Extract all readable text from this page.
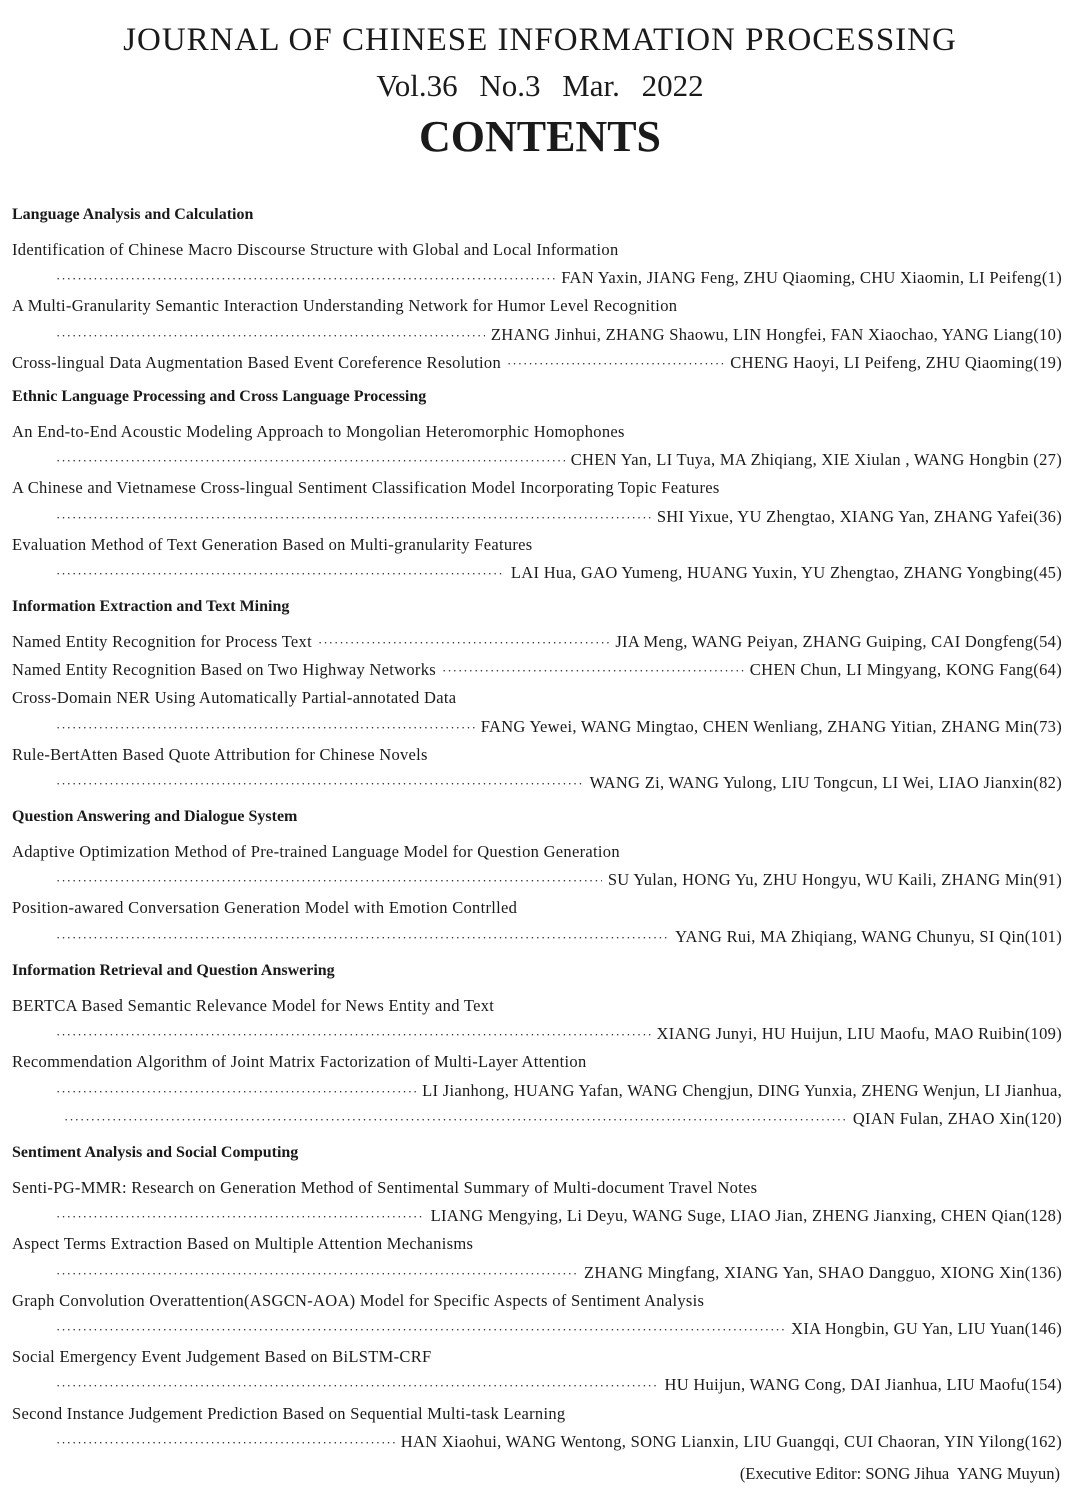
JOURNAL OF CHINESE INFORMATION PROCESSING
Vol.36 No.3 Mar. 2022
CONTENTS
Language Analysis and Calculation
Identification of Chinese Macro Discourse Structure with Global and Local Information
·····
FAN Yaxin, JIANG Feng, ZHU Qiaoming, CHU Xiaomin, LI Peifeng(1)
A Multi-Granularity Semantic Interaction Understanding Network for Humor Level Recognition
·····
ZHANG Jinhui, ZHANG Shaowu, LIN Hongfei, FAN Xiaochao, YANG Liang(10)
Cross-lingual Data Augmentation Based Event Coreference Resolution ·····	CHENG Haoyi, LI Peifeng, ZHU Qiaoming(19)
Ethnic Language Processing and Cross Language Processing
An End-to-End Acoustic Modeling Approach to Mongolian Heteromorphic Homophones
·····
CHEN Yan, LI Tuya, MA Zhiqiang, XIE Xiulan , WANG Hongbin (27)
A Chinese and Vietnamese Cross-lingual Sentiment Classification Model Incorporating Topic Features
·····
SHI Yixue, YU Zhengtao, XIANG Yan, ZHANG Yafei(36)
Evaluation Method of Text Generation Based on Multi-granularity Features
·····
LAI Hua, GAO Yumeng, HUANG Yuxin, YU Zhengtao, ZHANG Yongbing(45)
Information Extraction and Text Mining
Named Entity Recognition for Process Text ·····	JIA Meng, WANG Peiyan, ZHANG Guiping, CAI Dongfeng(54)
Named Entity Recognition Based on Two Highway Networks ·····	CHEN Chun, LI Mingyang, KONG Fang(64)
Cross-Domain NER Using Automatically Partial-annotated Data
·····
FANG Yewei, WANG Mingtao, CHEN Wenliang, ZHANG Yitian, ZHANG Min(73)
Rule-BertAtten Based Quote Attribution for Chinese Novels
·····
WANG Zi, WANG Yulong, LIU Tongcun, LI Wei, LIAO Jianxin(82)
Question Answering and Dialogue System
Adaptive Optimization Method of Pre-trained Language Model for Question Generation
·····
SU Yulan, HONG Yu, ZHU Hongyu, WU Kaili, ZHANG Min(91)
Position-awared Conversation Generation Model with Emotion Contrlled
·····
YANG Rui, MA Zhiqiang, WANG Chunyu, SI Qin(101)
Information Retrieval and Question Answering
BERTCA Based Semantic Relevance Model for News Entity and Text
·····
XIANG Junyi, HU Huijun, LIU Maofu, MAO Ruibin(109)
Recommendation Algorithm of Joint Matrix Factorization of Multi-Layer Attention
·····
LI Jianhong, HUANG Yafan, WANG Chengjun, DING Yunxia, ZHENG Wenjun, LI Jianhua,
·····
QIAN Fulan, ZHAO Xin(120)
Sentiment Analysis and Social Computing
Senti-PG-MMR: Research on Generation Method of Sentimental Summary of Multi-document Travel Notes
·····
LIANG Mengying, Li Deyu, WANG Suge, LIAO Jian, ZHENG Jianxing, CHEN Qian(128)
Aspect Terms Extraction Based on Multiple Attention Mechanisms
·····
ZHANG Mingfang, XIANG Yan, SHAO Dangguo, XIONG Xin(136)
Graph Convolution Overattention(ASGCN-AOA) Model for Specific Aspects of Sentiment Analysis
·····
XIA Hongbin, GU Yan, LIU Yuan(146)
Social Emergency Event Judgement Based on BiLSTM-CRF
·····
HU Huijun, WANG Cong, DAI Jianhua, LIU Maofu(154)
Second Instance Judgement Prediction Based on Sequential Multi-task Learning
·····
HAN Xiaohui, WANG Wentong, SONG Lianxin, LIU Guangqi, CUI Chaoran, YIN Yilong(162)
(Executive Editor: SONG Jihua  YANG Muyun)
